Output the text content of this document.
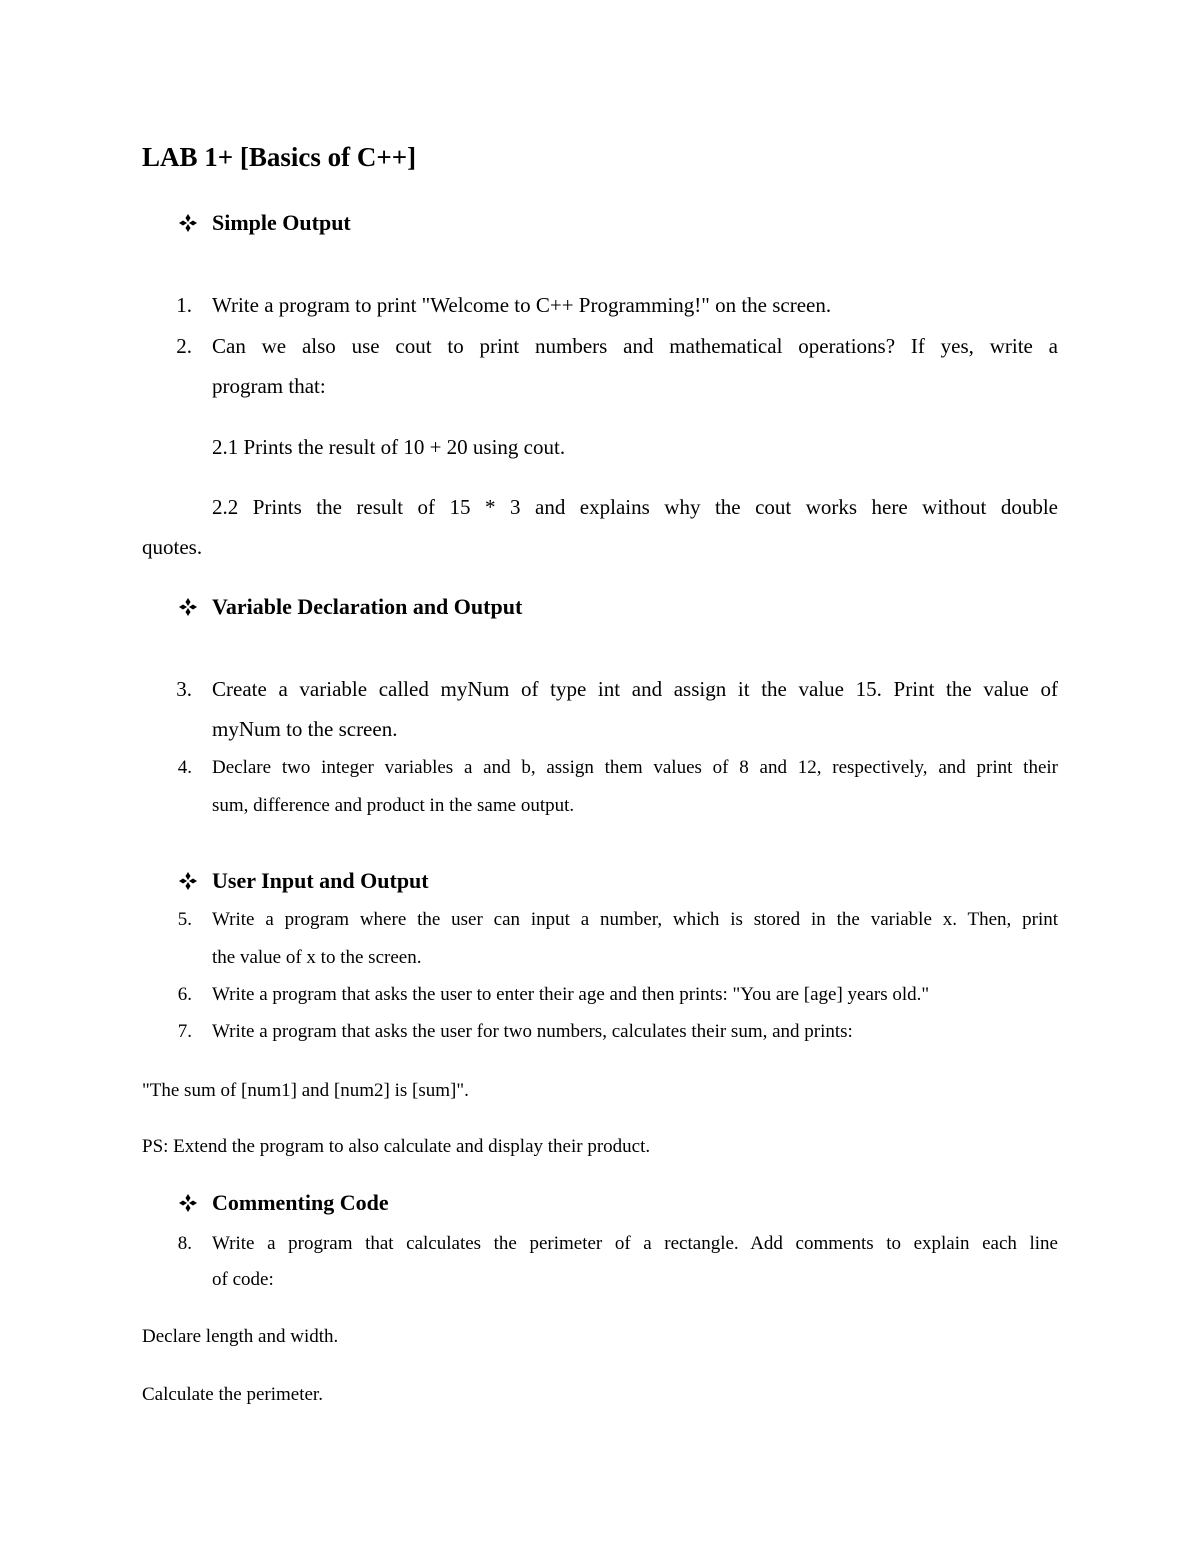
LAB 1+ [Basics of C++]
Simple Output
1. Write a program to print "Welcome to C++ Programming!" on the screen.
2. Can we also use cout to print numbers and mathematical operations? If yes, write a
program that:
2.1 Prints the result of 10 + 20 using cout.
2.2 Prints the result of 15 * 3 and explains why the cout works here without double
quotes.
Variable Declaration and Output
3. Create a variable called myNum of type int and assign it the value 15. Print the value of
myNum to the screen.
4. Declare two integer variables a and b, assign them values of 8 and 12, respectively, and print their
sum, difference and product in the same output.
User Input and Output
5. Write a program where the user can input a number, which is stored in the variable x. Then, print
the value of x to the screen.
6. Write a program that asks the user to enter their age and then prints: "You are [age] years old."
7. Write a program that asks the user for two numbers, calculates their sum, and prints:
"The sum of [num1] and [num2] is [sum]".
PS: Extend the program to also calculate and display their product.
Commenting Code
8. Write a program that calculates the perimeter of a rectangle. Add comments to explain each line
of code:
Declare length and width.
Calculate the perimeter.
